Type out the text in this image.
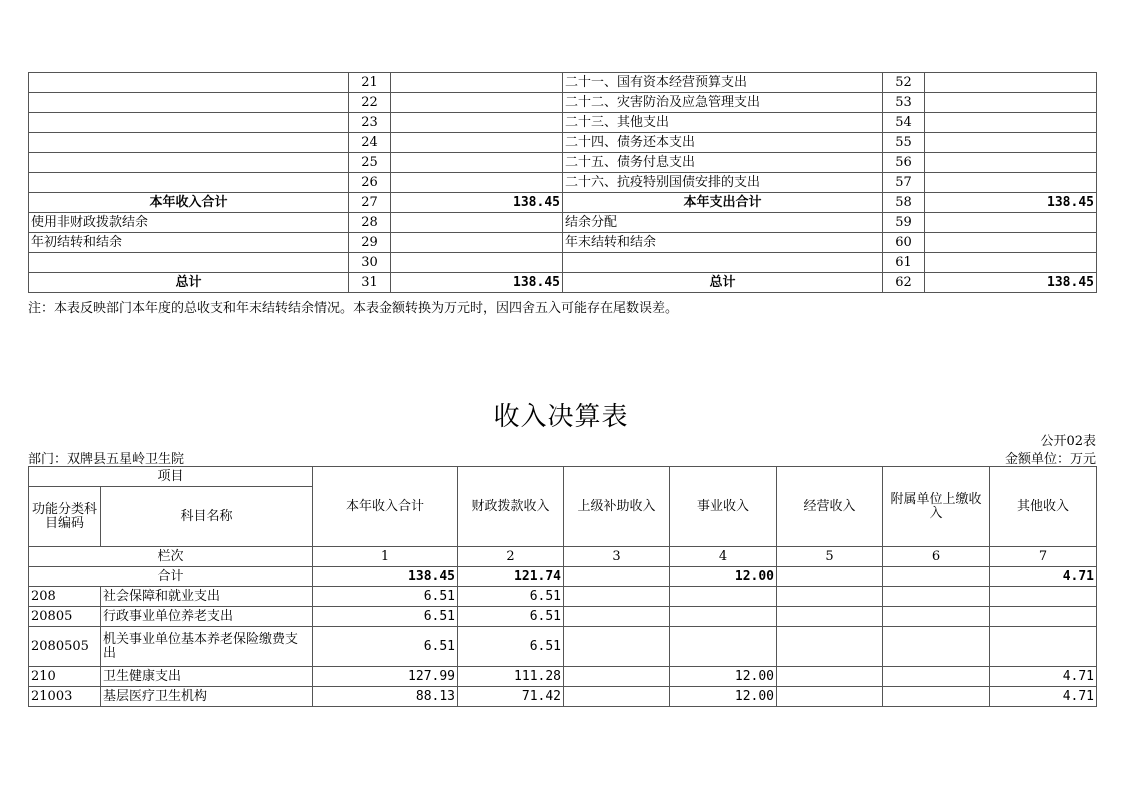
	21		二十一、国有资本经营预算支出	52	
	22		二十二、灾害防治及应急管理支出	53	
	23		二十三、其他支出	54	
	24		二十四、债务还本支出	55	
	25		二十五、债务付息支出	56	
	26		二十六、抗疫特别国债安排的支出	57	
本年收入合计	27	138.45	本年支出合计	58	138.45
使用非财政拨款结余	28		结余分配	59	
年初结转和结余	29		年末结转和结余	60	
	30			61	
总计	31	138.45	总计	62	138.45
注：本表反映部门本年度的总收支和年末结转结余情况。本表金额转换为万元时，因四舍五入可能存在尾数误差。
收入决算表
公开02表
部门：双牌县五星岭卫生院	金额单位：万元
项目		本年收入合计	财政拨款收入	上级补助收入	事业收入	经营收入	附属单位上缴收入	其他收入
功能分类科目编码	科目名称							
栏次		1	2	3	4	5	6	7
合计		138.45	121.74		12.00			4.71
208	社会保障和就业支出	6.51	6.51					
20805	行政事业单位养老支出	6.51	6.51					
2080505	机关事业单位基本养老保险缴费支出	6.51	6.51					
210	卫生健康支出	127.99	111.28		12.00			4.71
21003	基层医疗卫生机构	88.13	71.42		12.00			4.71
